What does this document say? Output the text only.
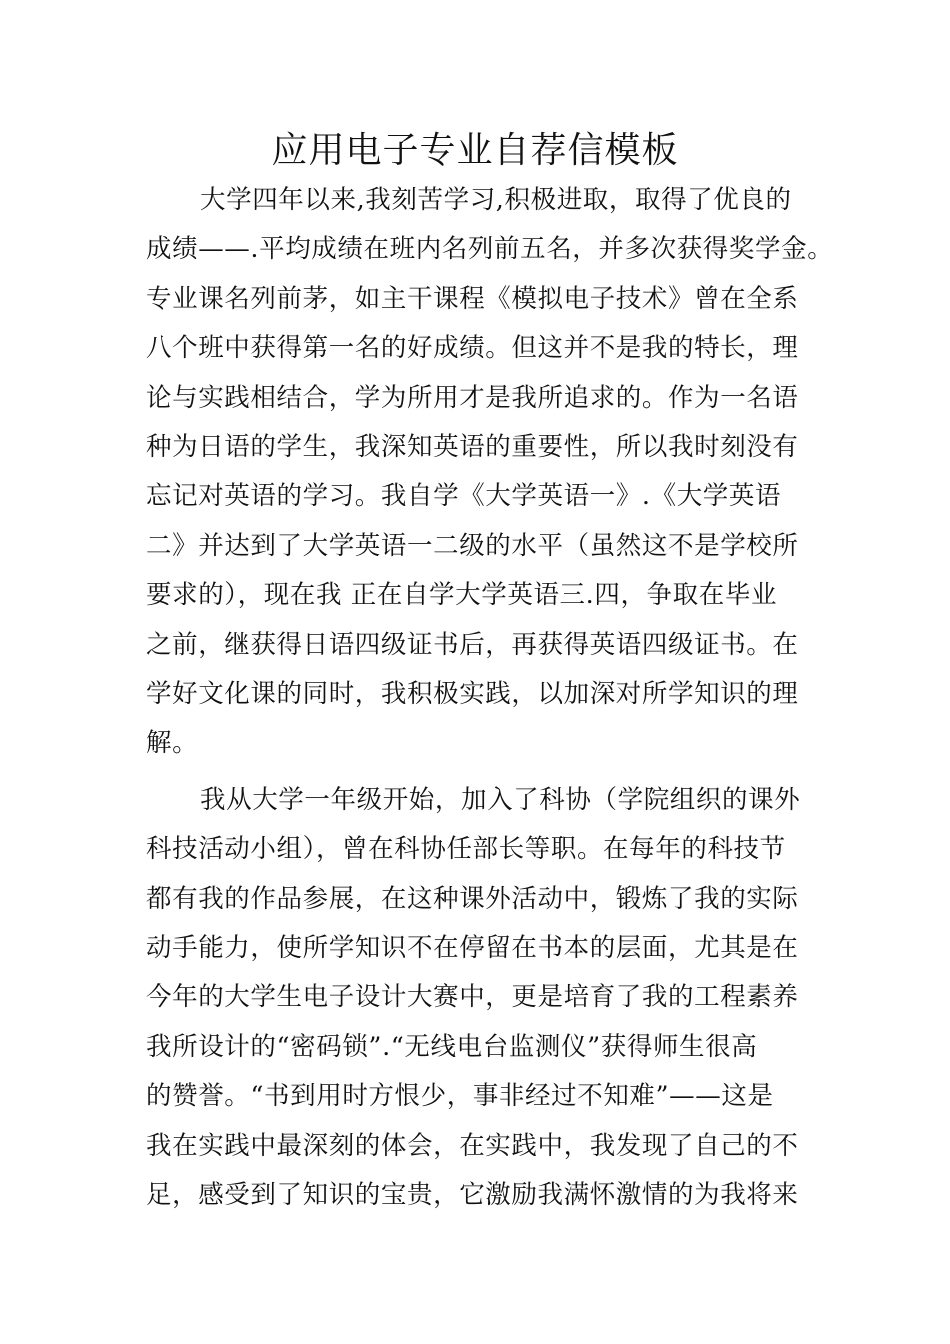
应用电子专业自荐信模板
大学四年以来,我刻苦学习,积极进取，取得了优良的
成绩——.平均成绩在班内名列前五名，并多次获得奖学金。
专业课名列前茅，如主干课程《模拟电子技术》曾在全系
八个班中获得第一名的好成绩。但这并不是我的特长，理
论与实践相结合，学为所用才是我所追求的。作为一名语
种为日语的学生，我深知英语的重要性，所以我时刻没有
忘记对英语的学习。我自学《大学英语一》.《大学英语
二》并达到了大学英语一二级的水平（虽然这不是学校所
要求的），现在我 正在自学大学英语三.四，争取在毕业
之前，继获得日语四级证书后，再获得英语四级证书。在
学好文化课的同时，我积极实践，以加深对所学知识的理
解。
我从大学一年级开始，加入了科协（学院组织的课外
科技活动小组），曾在科协任部长等职。在每年的科技节
都有我的作品参展，在这种课外活动中，锻炼了我的实际
动手能力，使所学知识不在停留在书本的层面，尤其是在
今年的大学生电子设计大赛中，更是培育了我的工程素养
我所设计的“密码锁”.“无线电台监测仪”获得师生很高
的赞誉。“书到用时方恨少，事非经过不知难”——这是
我在实践中最深刻的体会，在实践中，我发现了自己的不
足，感受到了知识的宝贵，它激励我满怀激情的为我将来
